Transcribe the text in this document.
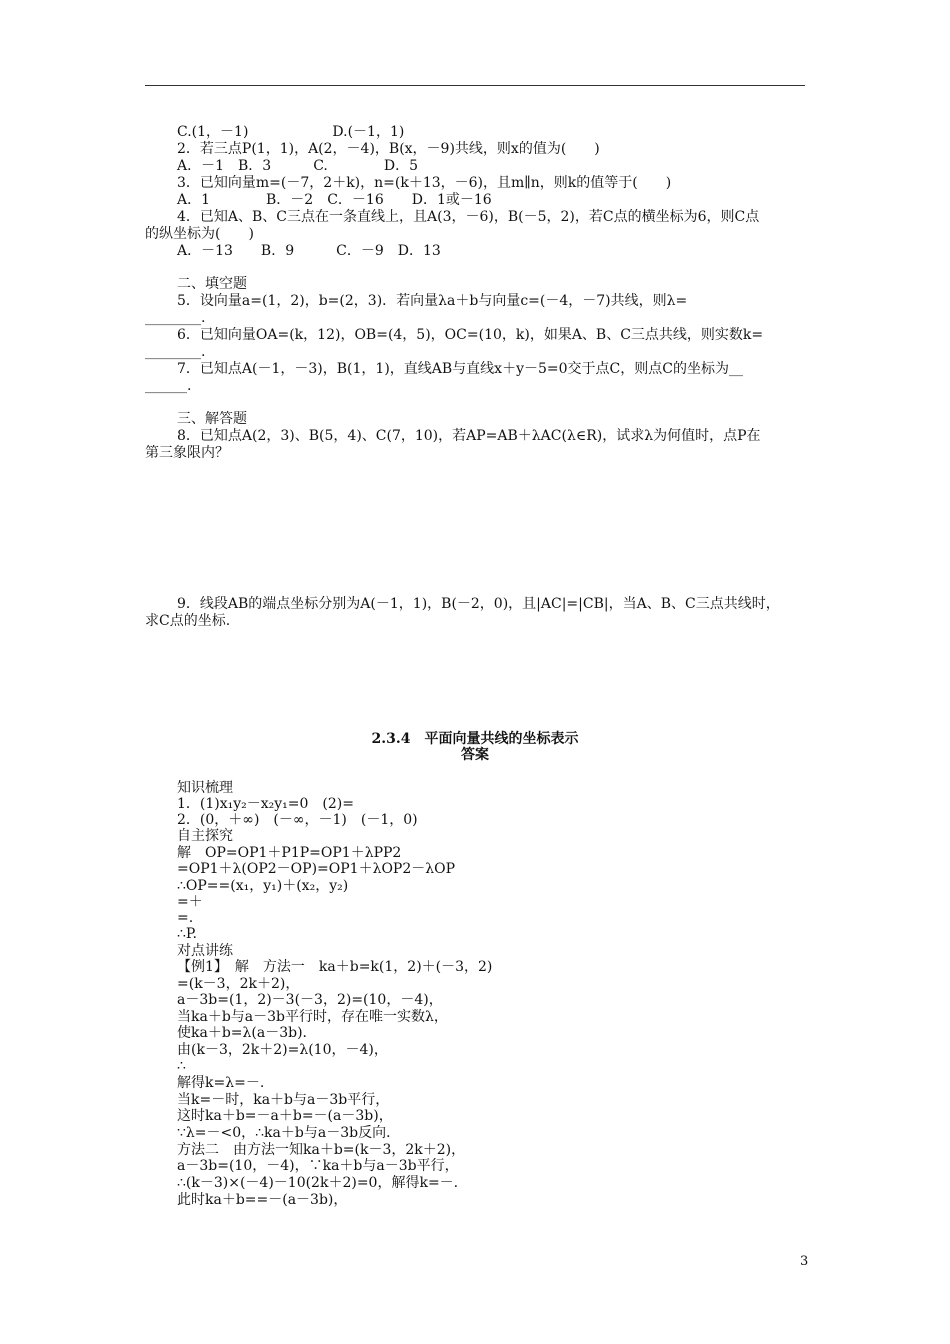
C.(1，－1)　　　　　　D.(－1，1)
2．若三点P(1，1)，A(2，－4)，B(x，－9)共线，则x的值为(　　)
A．－1　B．3　　　C.　　　　D．5
3．已知向量m=(－7，2＋k)，n=(k＋13，－6)，且m∥n，则k的值等于(　　)
A．1　　　　B．－2　C．－16　　D．1或－16
4．已知A、B、C三点在一条直线上，且A(3，－6)，B(－5，2)，若C点的横坐标为6，则C点
的纵坐标为(　　)
A．－13　　B．9　　　C．－9　D．13
二、填空题
5．设向量a=(1，2)，b=(2，3)．若向量λa＋b与向量c=(－4，－7)共线，则λ=
________.
6．已知向量OA=(k，12)，OB=(4，5)，OC=(10，k)，如果A、B、C三点共线，则实数k=
________.
7．已知点A(－1，－3)，B(1，1)，直线AB与直线x＋y－5=0交于点C，则点C的坐标为__
______.
三、解答题
8．已知点A(2，3)、B(5，4)、C(7，10)，若AP=AB＋λAC(λ∈R)，试求λ为何值时，点P在
第三象限内？
9．线段AB的端点坐标分别为A(－1，1)，B(－2，0)，且|AC|=|CB|，当A、B、C三点共线时，
求C点的坐标.
2.3.4　平面向量共线的坐标表示
答案
知识梳理
1．(1)x₁y₂－x₂y₁=0　(2)=
2．(0，＋∞)　(－∞，－1)　(－1，0)
自主探究
解　OP=OP1＋P1P=OP1＋λPP2
=OP1＋λ(OP2－OP)=OP1＋λOP2－λOP
∴OP==(x₁，y₁)＋(x₂，y₂)
=＋
=.
∴P.
对点讲练
【例1】　解　方法一　ka＋b=k(1，2)＋(－3，2)
=(k－3，2k＋2)，
a－3b=(1，2)－3(－3，2)=(10，－4)，
当ka＋b与a－3b平行时，存在唯一实数λ，
使ka＋b=λ(a－3b)．
由(k－3，2k＋2)=λ(10，－4)，
∴
解得k=λ=－.
当k=－时，ka＋b与a－3b平行，
这时ka＋b=－a＋b=－(a－3b)，
∵λ=－<0，∴ka＋b与a－3b反向．
方法二　由方法一知ka＋b=(k－3，2k＋2)，
a－3b=(10，－4)，∵ka＋b与a－3b平行，
∴(k－3)×(－4)－10(2k＋2)=0，解得k=－.
此时ka＋b==－(a－3b)，
3
